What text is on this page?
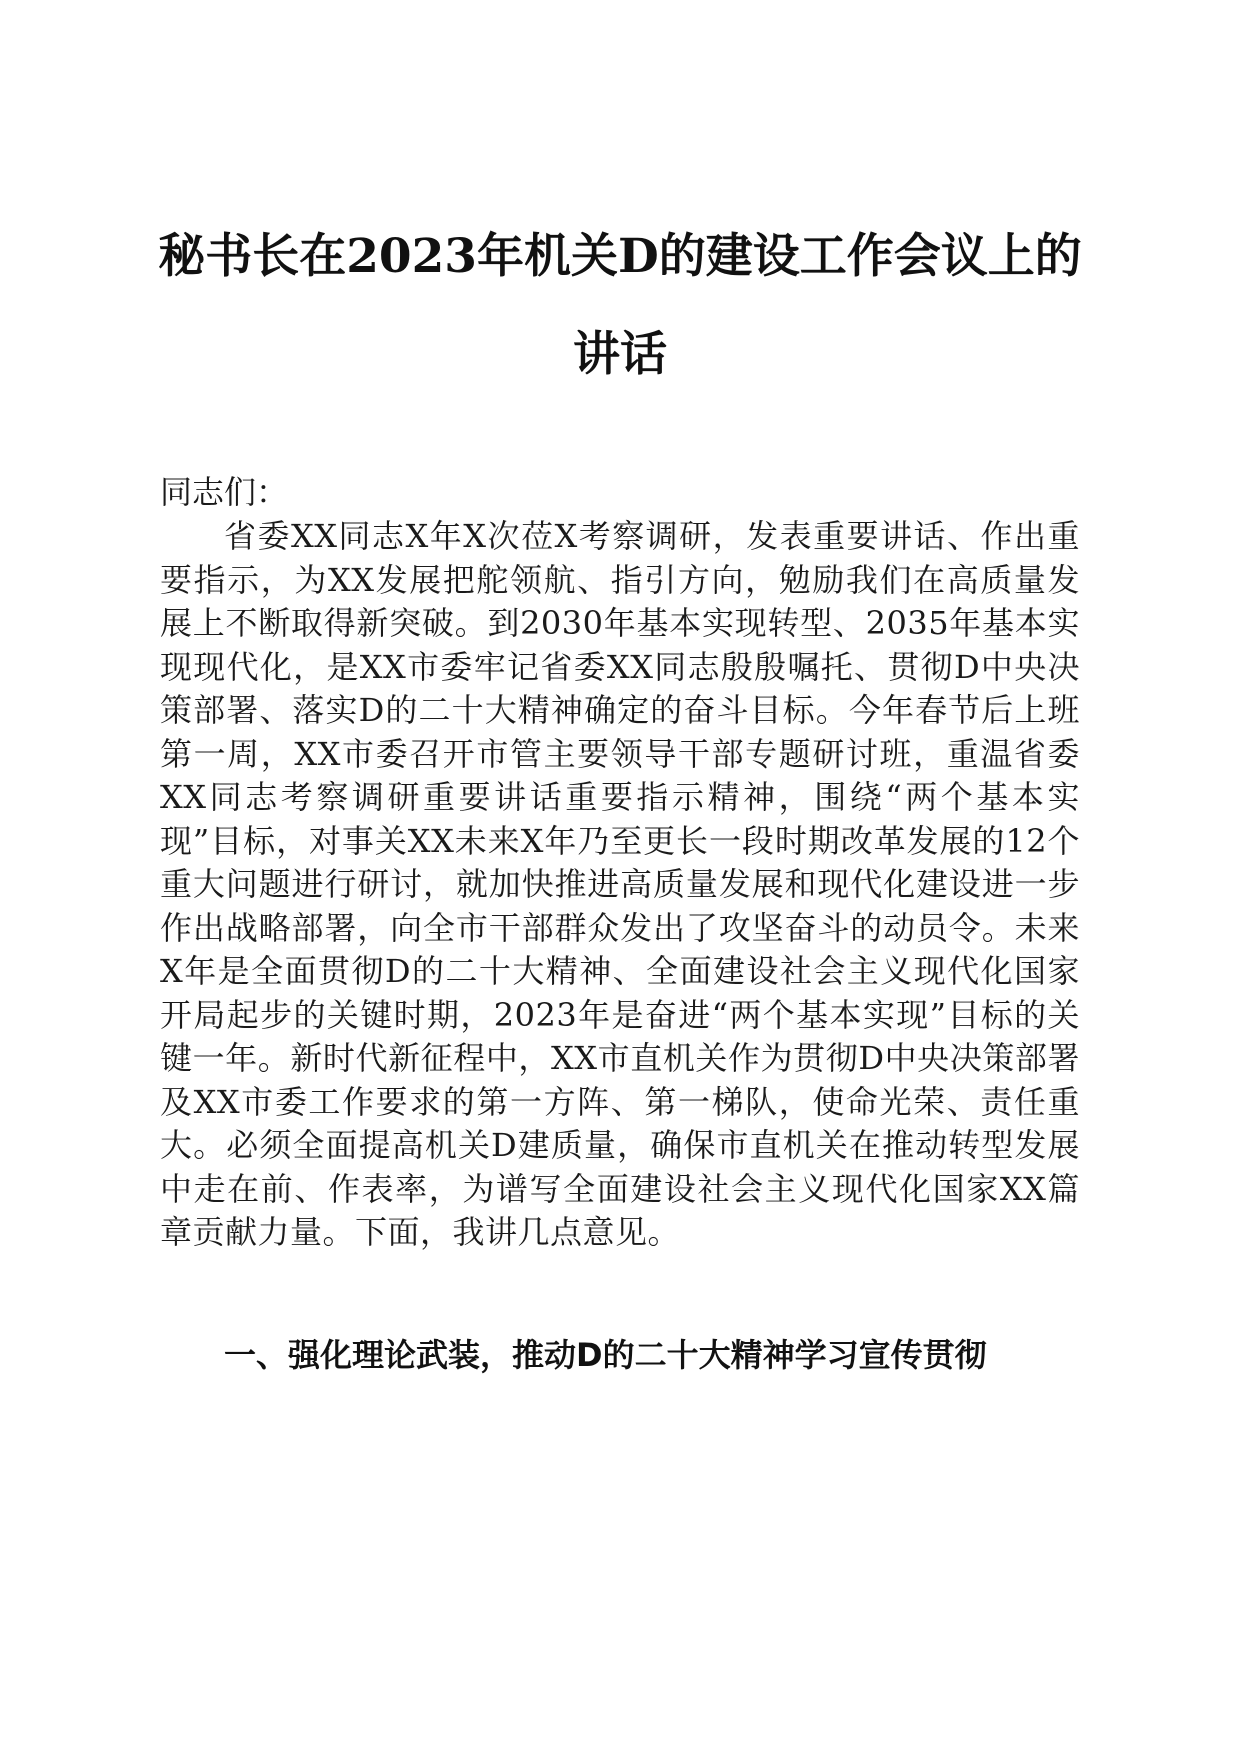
秘书长在2023年机关D的建设工作会议上的
讲话
同志们：
省委XX同志X年X次莅X考察调研，发表重要讲话、作出重要指示，为XX发展把舵领航、指引方向，勉励我们在高质量发展上不断取得新突破。到2030年基本实现转型、2035年基本实现现代化，是XX市委牢记省委XX同志殷殷嘱托、贯彻D中央决策部署、落实D的二十大精神确定的奋斗目标。今年春节后上班第一周，XX市委召开市管主要领导干部专题研讨班，重温省委XX同志考察调研重要讲话重要指示精神，围绕“两个基本实现”目标，对事关XX未来X年乃至更长一段时期改革发展的12个重大问题进行研讨，就加快推进高质量发展和现代化建设进一步作出战略部署，向全市干部群众发出了攻坚奋斗的动员令。未来X年是全面贯彻D的二十大精神、全面建设社会主义现代化国家开局起步的关键时期，2023年是奋进“两个基本实现”目标的关键一年。新时代新征程中，XX市直机关作为贯彻D中央决策部署及XX市委工作要求的第一方阵、第一梯队，使命光荣、责任重大。必须全面提高机关D建质量，确保市直机关在推动转型发展中走在前、作表率，为谱写全面建设社会主义现代化国家XX篇章贡献力量。下面，我讲几点意见。
一、强化理论武装，推动D的二十大精神学习宣传贯彻
